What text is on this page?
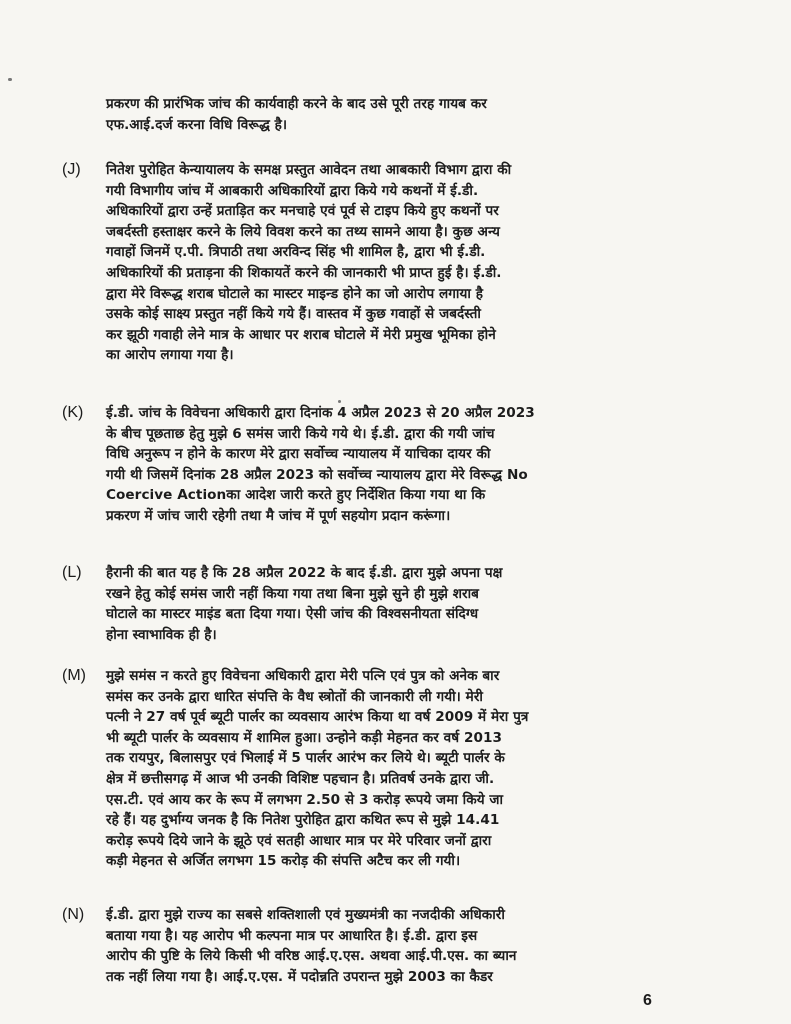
प्रकरण की प्रारंभिक जांच की कार्यवाही करने के बाद उसे पूरी तरह गायब कर

एफ.आई.दर्ज करना विधि विरूद्ध है।

(J) नितेश पुरोहित केन्यायालय के समक्ष प्रस्तुत आवेदन तथा आबकारी विभाग द्वारा की

गयी विभागीय जांच में आबकारी अधिकारियों द्वारा किये गये कथनों में ई.डी.

अधिकारियों द्वारा उन्हें प्रताड़ित कर मनचाहे एवं पूर्व से टाइप किये हुए कथनों पर

जबर्दस्ती हस्ताक्षर करने के लिये विवश करने का तथ्य सामने आया है। कुछ अन्य

गवाहों जिनमें ए.पी. त्रिपाठी तथा अरविन्द सिंह भी शामिल है, द्वारा भी ई.डी.

अधिकारियों की प्रताड़ना की शिकायतें करने की जानकारी भी प्राप्त हुई है। ई.डी.

द्वारा मेरे विरूद्ध शराब घोटाले का मास्टर माइन्ड होने का जो आरोप लगाया है

उसके कोई साक्ष्य प्रस्तुत नहीं किये गये हैं। वास्तव में कुछ गवाहों से जबर्दस्ती

कर झूठी गवाही लेने मात्र के आधार पर शराब घोटाले में मेरी प्रमुख भूमिका होने

का आरोप लगाया गया है।

(K) ई.डी. जांच के विवेचना अधिकारी द्वारा दिनांक 4 अप्रैल 2023 से 20 अप्रैल 2023

के बीच पूछताछ हेतु मुझे 6 समंस जारी किये गये थे। ई.डी. द्वारा की गयी जांच

विधि अनुरूप न होने के कारण मेरे द्वारा सर्वोच्च न्यायालय में याचिका दायर की

गयी थी जिसमें दिनांक 28 अप्रैल 2023 को सर्वोच्च न्यायालय द्वारा मेरे विरूद्ध No

Coercive Actionका आदेश जारी करते हुए निर्देशित किया गया था कि

प्रकरण में जांच जारी रहेगी तथा मै जांच में पूर्ण सहयोग प्रदान करूंगा।

(L) हैरानी की बात यह है कि 28 अप्रैल 2022 के बाद ई.डी. द्वारा मुझे अपना पक्ष

रखने हेतु कोई समंस जारी नहीं किया गया तथा बिना मुझे सुने ही मुझे शराब

घोटाले का मास्टर माइंड बता दिया गया। ऐसी जांच की विश्वसनीयता संदिग्ध

होना स्वाभाविक ही है।

(M) मुझे समंस न करते हुए विवेचना अधिकारी द्वारा मेरी पत्नि एवं पुत्र को अनेक बार

समंस कर उनके द्वारा धारित संपत्ति के वैध स्त्रोतों की जानकारी ली गयी। मेरी

पत्नी ने 27 वर्ष पूर्व ब्यूटी पार्लर का व्यवसाय आरंभ किया था वर्ष 2009 में मेरा पुत्र

भी ब्यूटी पार्लर के व्यवसाय में शामिल हुआ। उन्होने कड़ी मेहनत कर वर्ष 2013

तक रायपुर, बिलासपुर एवं भिलाई में 5 पार्लर आरंभ कर लिये थे। ब्यूटी पार्लर के

क्षेत्र में छत्तीसगढ़ में आज भी उनकी विशिष्ट पहचान है। प्रतिवर्ष उनके द्वारा जी.

एस.टी. एवं आय कर के रूप में लगभग 2.50 से 3 करोड़ रूपये जमा किये जा

रहे हैं। यह दुर्भाग्य जनक है कि नितेश पुरोहित द्वारा कथित रूप से मुझे 14.41

करोड़ रूपये दिये जाने के झूठे एवं सतही आधार मात्र पर मेरे परिवार जनों द्वारा

कड़ी मेहनत से अर्जित लगभग 15 करोड़ की संपत्ति अटैच कर ली गयी।

(N) ई.डी. द्वारा मुझे राज्य का सबसे शक्तिशाली एवं मुख्यमंत्री का नजदीकी अधिकारी

बताया गया है। यह आरोप भी कल्पना मात्र पर आधारित है। ई.डी. द्वारा इस

आरोप की पुष्टि के लिये किसी भी वरिष्ठ आई.ए.एस. अथवा आई.पी.एस. का ब्यान

तक नहीं लिया गया है। आई.ए.एस. में पदोन्नति उपरान्त मुझे 2003 का कैडर

6
